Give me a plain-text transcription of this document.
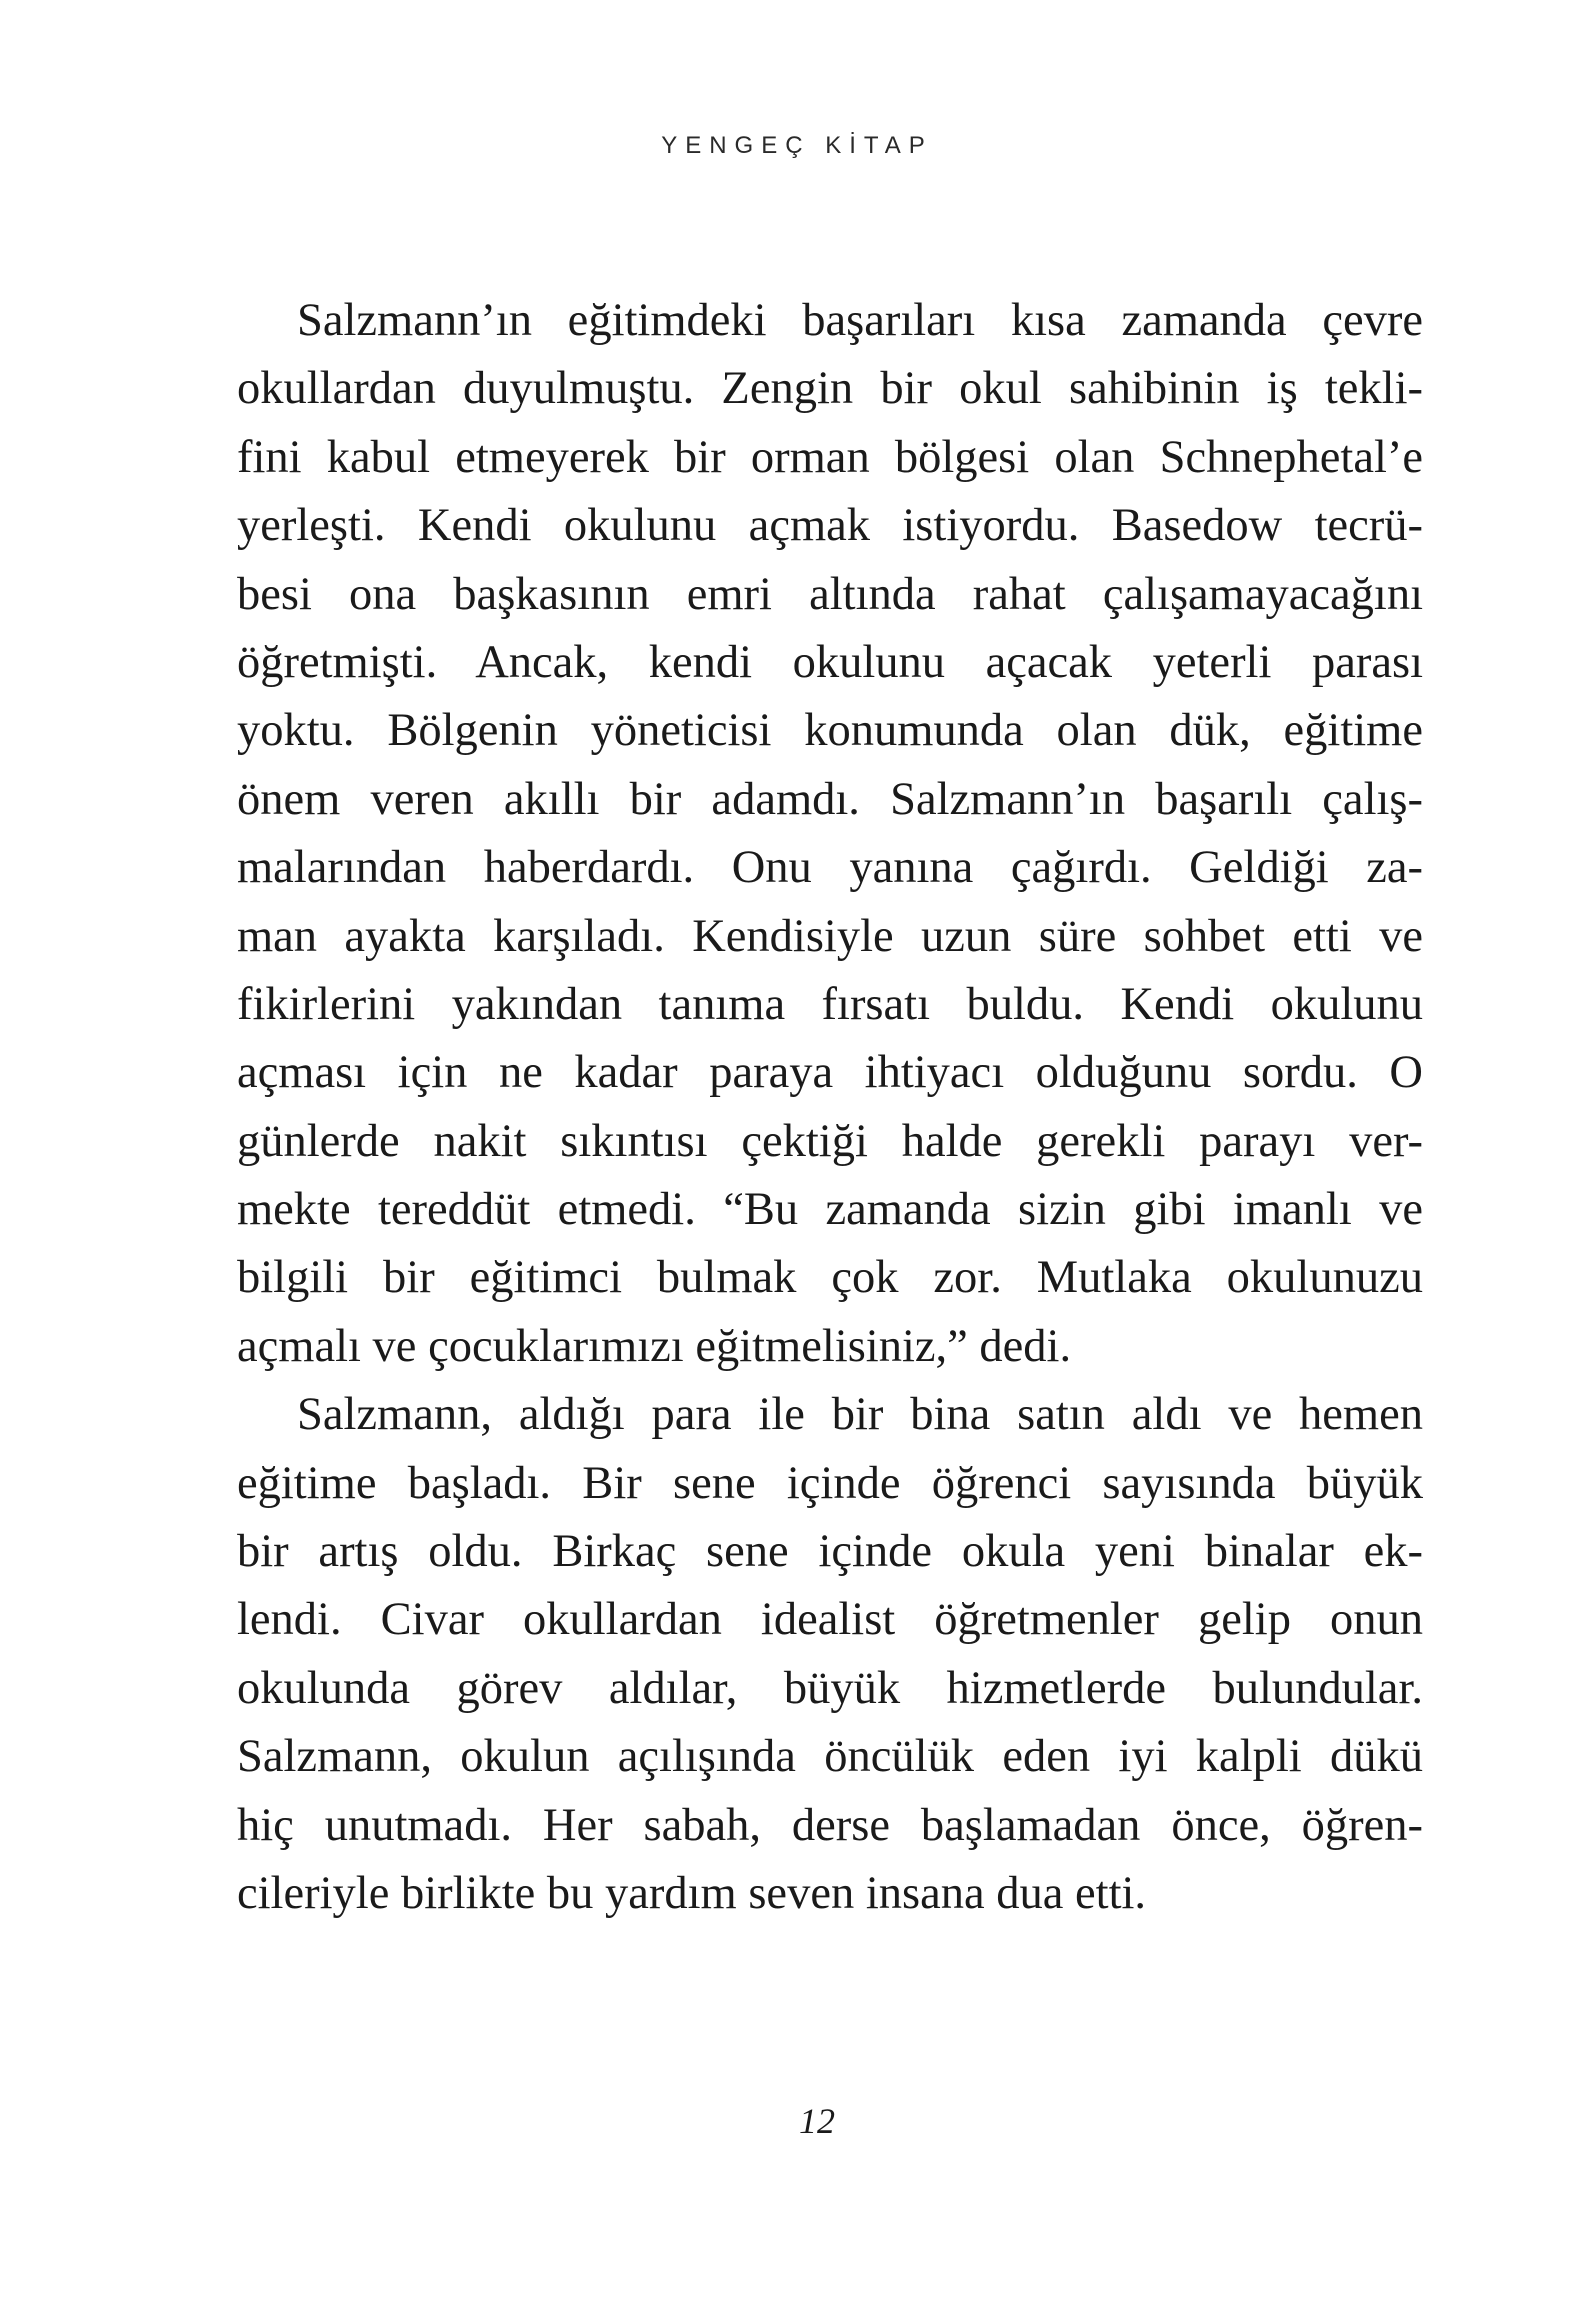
YENGEÇ KİTAP
Salzmann’ın eğitimdeki başarıları kısa zamanda çevre
okullardan duyulmuştu. Zengin bir okul sahibinin iş tekli-
fini kabul etmeyerek bir orman bölgesi olan Schnephetal’e
yerleşti. Kendi okulunu açmak istiyordu. Basedow tecrü-
besi ona başkasının emri altında rahat çalışamayacağını
öğretmişti. Ancak, kendi okulunu açacak yeterli parası
yoktu. Bölgenin yöneticisi konumunda olan dük, eğitime
önem veren akıllı bir adamdı. Salzmann’ın başarılı çalış-
malarından haberdardı. Onu yanına çağırdı. Geldiği za-
man ayakta karşıladı. Kendisiyle uzun süre sohbet etti ve
fikirlerini yakından tanıma fırsatı buldu. Kendi okulunu
açması için ne kadar paraya ihtiyacı olduğunu sordu. O
günlerde nakit sıkıntısı çektiği halde gerekli parayı ver-
mekte tereddüt etmedi. “Bu zamanda sizin gibi imanlı ve
bilgili bir eğitimci bulmak çok zor. Mutlaka okulunuzu
açmalı ve çocuklarımızı eğitmelisiniz,” dedi.
Salzmann, aldığı para ile bir bina satın aldı ve hemen
eğitime başladı. Bir sene içinde öğrenci sayısında büyük
bir artış oldu. Birkaç sene içinde okula yeni binalar ek-
lendi. Civar okullardan idealist öğretmenler gelip onun
okulunda görev aldılar, büyük hizmetlerde bulundular.
Salzmann, okulun açılışında öncülük eden iyi kalpli dükü
hiç unutmadı. Her sabah, derse başlamadan önce, öğren-
cileriyle birlikte bu yardım seven insana dua etti.
12
